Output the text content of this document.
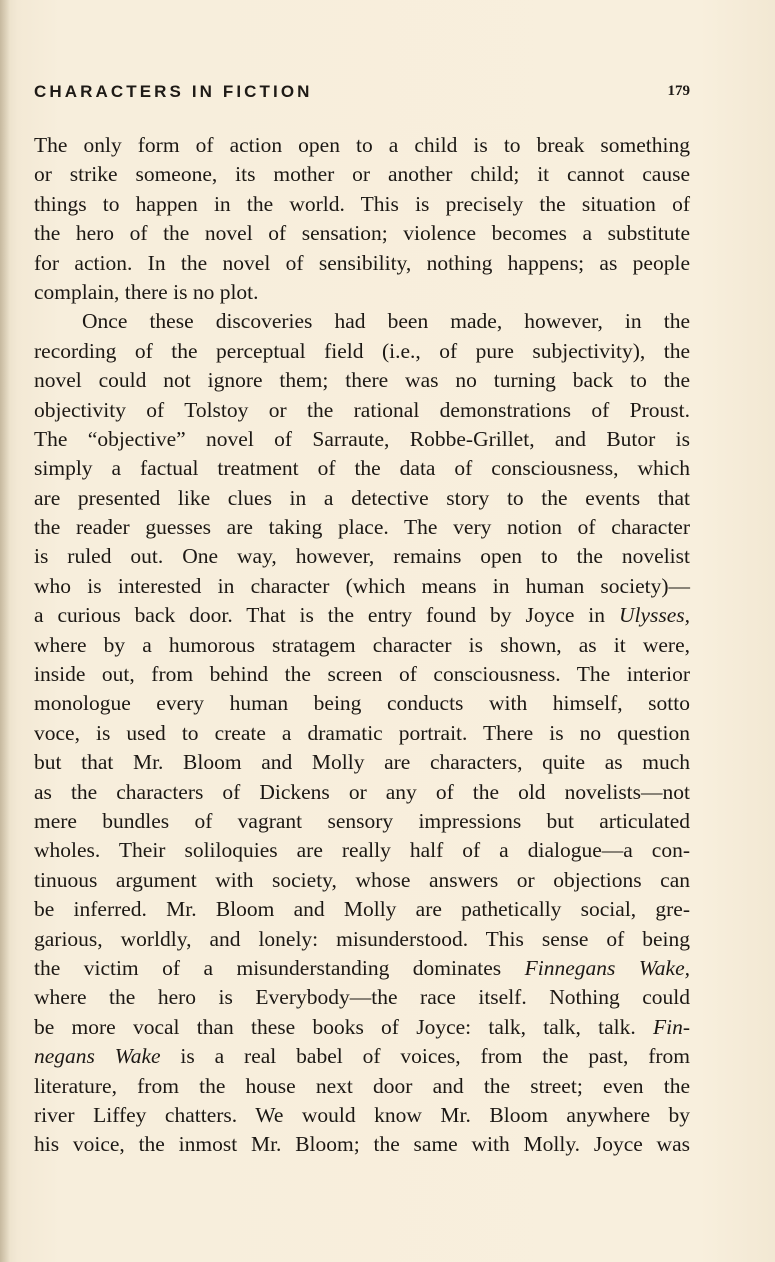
CHARACTERS IN FICTION	179
The only form of action open to a child is to break something
or strike someone, its mother or another child; it cannot cause
things to happen in the world. This is precisely the situation of
the hero of the novel of sensation; violence becomes a substitute
for action. In the novel of sensibility, nothing happens; as people
complain, there is no plot.
Once these discoveries had been made, however, in the
recording of the perceptual field (i.e., of pure subjectivity), the
novel could not ignore them; there was no turning back to the
objectivity of Tolstoy or the rational demonstrations of Proust.
The “objective” novel of Sarraute, Robbe-Grillet, and Butor is
simply a factual treatment of the data of consciousness, which
are presented like clues in a detective story to the events that
the reader guesses are taking place. The very notion of character
is ruled out. One way, however, remains open to the novelist
who is interested in character (which means in human society)—
a curious back door. That is the entry found by Joyce in Ulysses,
where by a humorous stratagem character is shown, as it were,
inside out, from behind the screen of consciousness. The interior
monologue every human being conducts with himself, sotto
voce, is used to create a dramatic portrait. There is no question
but that Mr. Bloom and Molly are characters, quite as much
as the characters of Dickens or any of the old novelists—not
mere bundles of vagrant sensory impressions but articulated
wholes. Their soliloquies are really half of a dialogue—a con-
tinuous argument with society, whose answers or objections can
be inferred. Mr. Bloom and Molly are pathetically social, gre-
garious, worldly, and lonely: misunderstood. This sense of being
the victim of a misunderstanding dominates Finnegans Wake,
where the hero is Everybody—the race itself. Nothing could
be more vocal than these books of Joyce: talk, talk, talk. Fin-
negans Wake is a real babel of voices, from the past, from
literature, from the house next door and the street; even the
river Liffey chatters. We would know Mr. Bloom anywhere by
his voice, the inmost Mr. Bloom; the same with Molly. Joyce was
